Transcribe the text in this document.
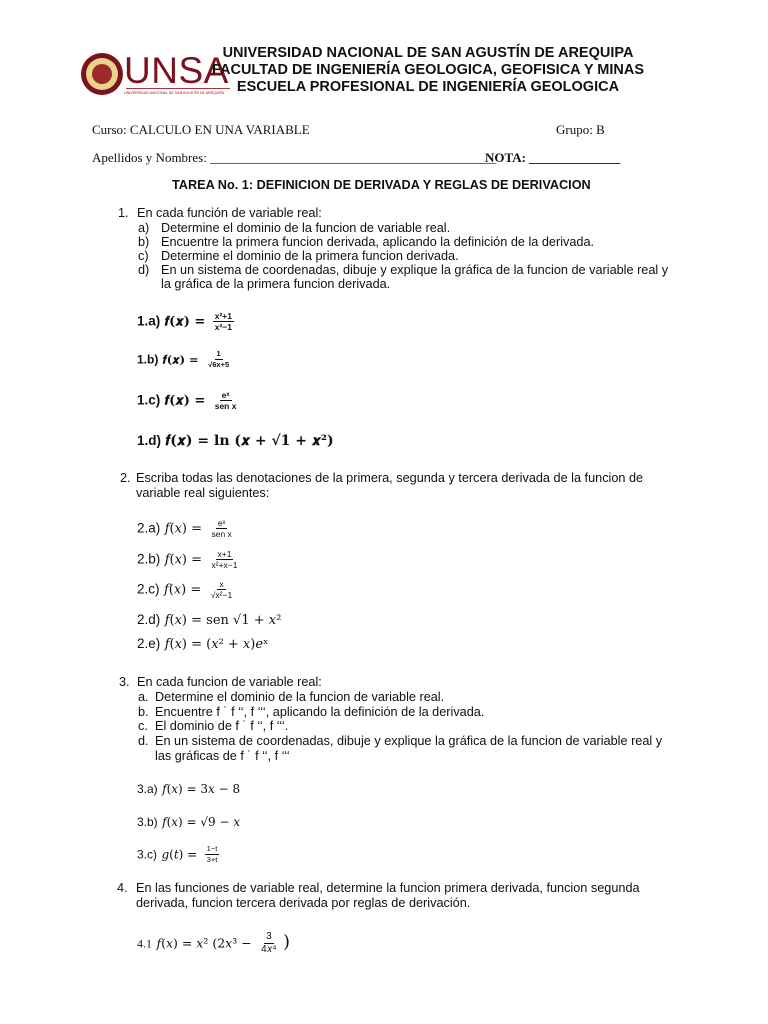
UNSA
UNIVERSIDAD NACIONAL DE SAN AGUSTÍN DE AREQUIPA
UNIVERSIDAD NACIONAL DE SAN AGUSTÍN DE AREQUIPA
FACULTAD DE INGENIERÍA GEOLOGICA, GEOFISICA Y MINAS
ESCUELA PROFESIONAL DE INGENIERÍA GEOLOGICA
Curso: CALCULO EN UNA VARIABLE	Grupo: B
Apellidos y Nombres: ____________________________________________
NOTA: ______________
TAREA No. 1: DEFINICION DE DERIVADA Y REGLAS DE DERIVACION
1. En cada función de variable real:
a) Determine el dominio de la funcion de variable real.
b) Encuentre la primera funcion derivada, aplicando la definición de la derivada.
c) Determine el dominio de la primera funcion derivada.
d) En un sistema de coordenadas, dibuje y explique la gráfica de la funcion de variable real y
la gráfica de la primera funcion derivada.
1.a) 𝒇(𝒙) = $\frac{\text{x²+1}}{\text{x²−1}}$
1.b) 𝒇(𝒙) = $\frac{1}{√6x+5}$
1.c) 𝒇(𝒙) = $\frac{\text{eˣ}}{\text{sen x}}$
1.d) 𝒇(𝒙) = 𝐥𝐧 (𝒙 + √𝟏 + 𝒙²)
2. Escriba todas las denotaciones de la primera, segunda y tercera derivada de la funcion de
variable real siguientes:
2.a) 𝑓(𝑥) = $\frac{\text{eˣ}}{\text{sen x}}$
2.b) 𝑓(𝑥) = $\frac{x+1}{\text{x²+x−1}}$
2.c) 𝑓(𝑥) = $\frac{x}{\text{√x²−1}}$
2.d) 𝑓(𝑥) = sen √1 + 𝑥²
2.e) 𝑓(𝑥) = (𝑥² + 𝑥)𝑒ˣ
3. En cada funcion de variable real:
a. Determine el dominio de la funcion de variable real.
b. Encuentre f ˙ f ‘‘, f ‘‘‘, aplicando la definición de la derivada.
c. El dominio de f ˙ f ‘‘, f ‘‘‘.
d. En un sistema de coordenadas, dibuje y explique la gráfica de la funcion de variable real y
las gráficas de f ˙ f ‘‘, f ‘‘‘
3.a) 𝑓(𝑥) = 3𝑥 − 8
3.b) 𝑓(𝑥) = √9 − 𝑥
3.c) 𝑔(𝑡) = $\frac{1-t}{3+t}$
4. En las funciones de variable real, determine la funcion primera derivada, funcion segunda
derivada, funcion tercera derivada por reglas de derivación.
4.1 𝑓(𝑥) = 𝑥² (2𝑥³ − $\frac{3}{\text{4𝑥⁴}}$ )
